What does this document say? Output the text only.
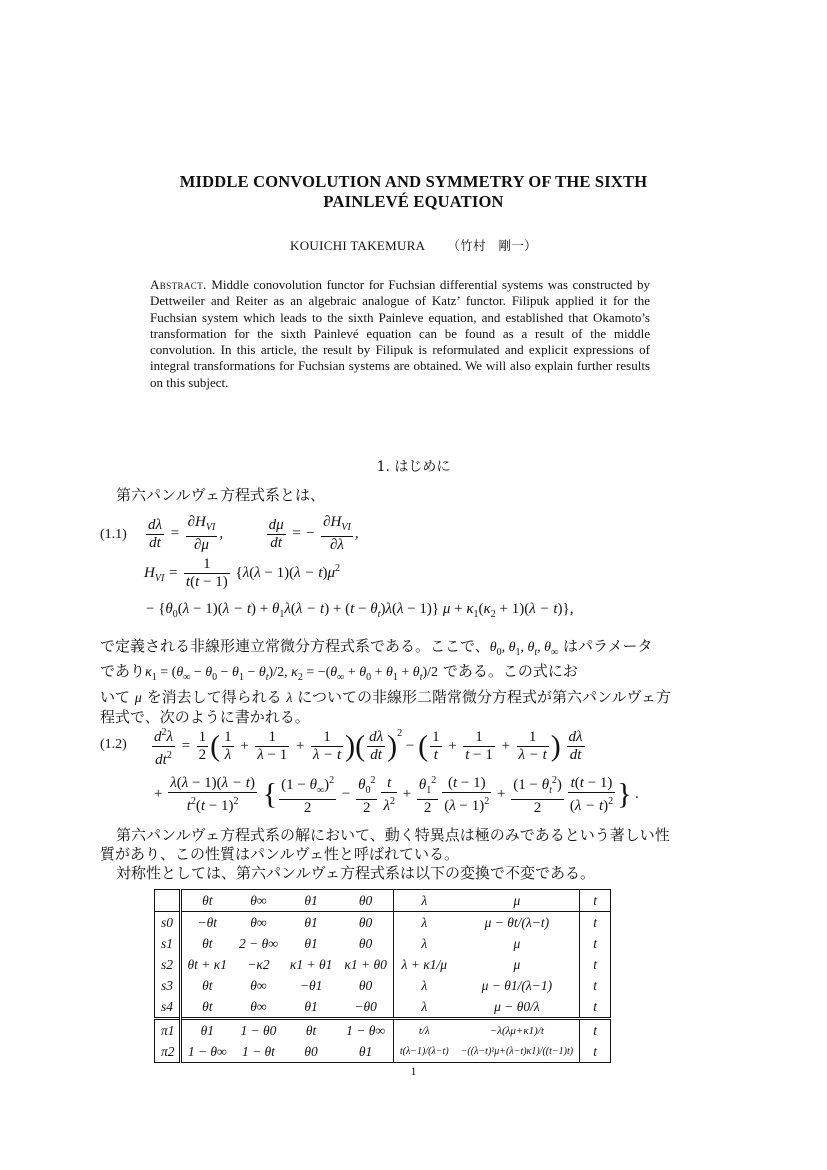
MIDDLE CONVOLUTION AND SYMMETRY OF THE SIXTH
PAINLEVÉ EQUATION
KOUICHI TAKEMURA （竹村　剛一）
Abstract. Middle conovolution functor for Fuchsian differential systems was constructed by Dettweiler and Reiter as an algebraic analogue of Katz’ functor. Filipuk applied it for the Fuchsian system which leads to the sixth Painleve equation, and established that Okamoto’s transformation for the sixth Painlevé equation can be found as a result of the middle convolution. In this article, the result by Filipuk is reformulated and explicit expressions of integral transformations for Fuchsian systems are obtained. We will also explain further results on this subject.
1. はじめに
第六パンルヴェ方程式系とは、
$(1.1) \frac{d\lambda}{dt} = \frac{\partial H_{VI}}{\partial\mu}$ ,	$\frac{d\mu}{dt}$ = − $\frac{\partial H_{VI}}{\partial\lambda}$ ,
$H_{VI} = \frac{1}{t(t - 1)} \{\lambda(\lambda - 1)(\lambda - t)\mu^2$
− $\{\theta_0(\lambda - 1)(\lambda - t) + \theta_1\lambda(\lambda - t) + (t - \theta_t)\lambda(\lambda - 1)\} \mu + \kappa_1(\kappa_2 + 1)(\lambda - t)$},
で定義される非線形連立常微分方程式系である。ここで、$\theta_0$, $\theta_1$, $\theta_t$, $\theta_\infty$ はパラメータ
であり$\kappa_1 = (\theta_\infty - \theta_0 - \theta_1 - \theta_t)/2$, $\kappa_2 = -(\theta_\infty + \theta_0 + \theta_1 + \theta_t)/2$ である。この式にお
いて μ を消去して得られる λ についての非線形二階常微分方程式が第六パンルヴェ方
程式で、次のように書かれる。
$(1.2) \frac{d^2\lambda}{dt^2} = \frac{1}{2}$ ( $\frac{1}{\lambda} + \frac{1}{\lambda - 1} + \frac{1}{\lambda - t}$ )( $\frac{d\lambda}{dt} )^2$ − ( $\frac{1}{t} + \frac{1}{t - 1} + \frac{1}{\lambda - t}$ ) $\frac{d\lambda}{dt}$
+ $\frac{\lambda(\lambda - 1)(\lambda - t)}{t^2(t - 1)^2}$ { $\frac{(1 - \theta_\infty)^2}{2} - \frac{\theta_0^2}{2} \frac{t}{\lambda^2} + \frac{\theta_1^2}{2} \frac{(t - 1)}{(\lambda - 1)^2} + \frac{(1 - \theta_t^2)}{2} \frac{t(t - 1)}{(\lambda - t)^2}$ } .
第六パンルヴェ方程式系の解において、動く特異点は極のみであるという著しい性
質があり、この性質はパンルヴェ性と呼ばれている。
対称性としては、第六パンルヴェ方程式系は以下の変換で不変である。
	θt	θ∞	θ1	θ0	λ	μ	t
s0	−θt	θ∞	θ1	θ0	λ	μ − θt/(λ−t)	t
s1	θt	2 − θ∞	θ1	θ0	λ	μ	t
s2	θt + κ1	−κ2	κ1 + θ1	κ1 + θ0	λ + κ1/μ	μ	t
s3	θt	θ∞	−θ1	θ0	λ	μ − θ1/(λ−1)	t
s4	θt	θ∞	θ1	−θ0	λ	μ − θ0/λ	t
π1	θ1	1 − θ0	θt	1 − θ∞	t/λ	−λ(λμ+κ1)/t	t
π2	1 − θ∞	1 − θt	θ0	θ1	t(λ−1)/(λ−t)	−((λ−t)²μ+(λ−t)κ1)/((t−1)t)	t
1
